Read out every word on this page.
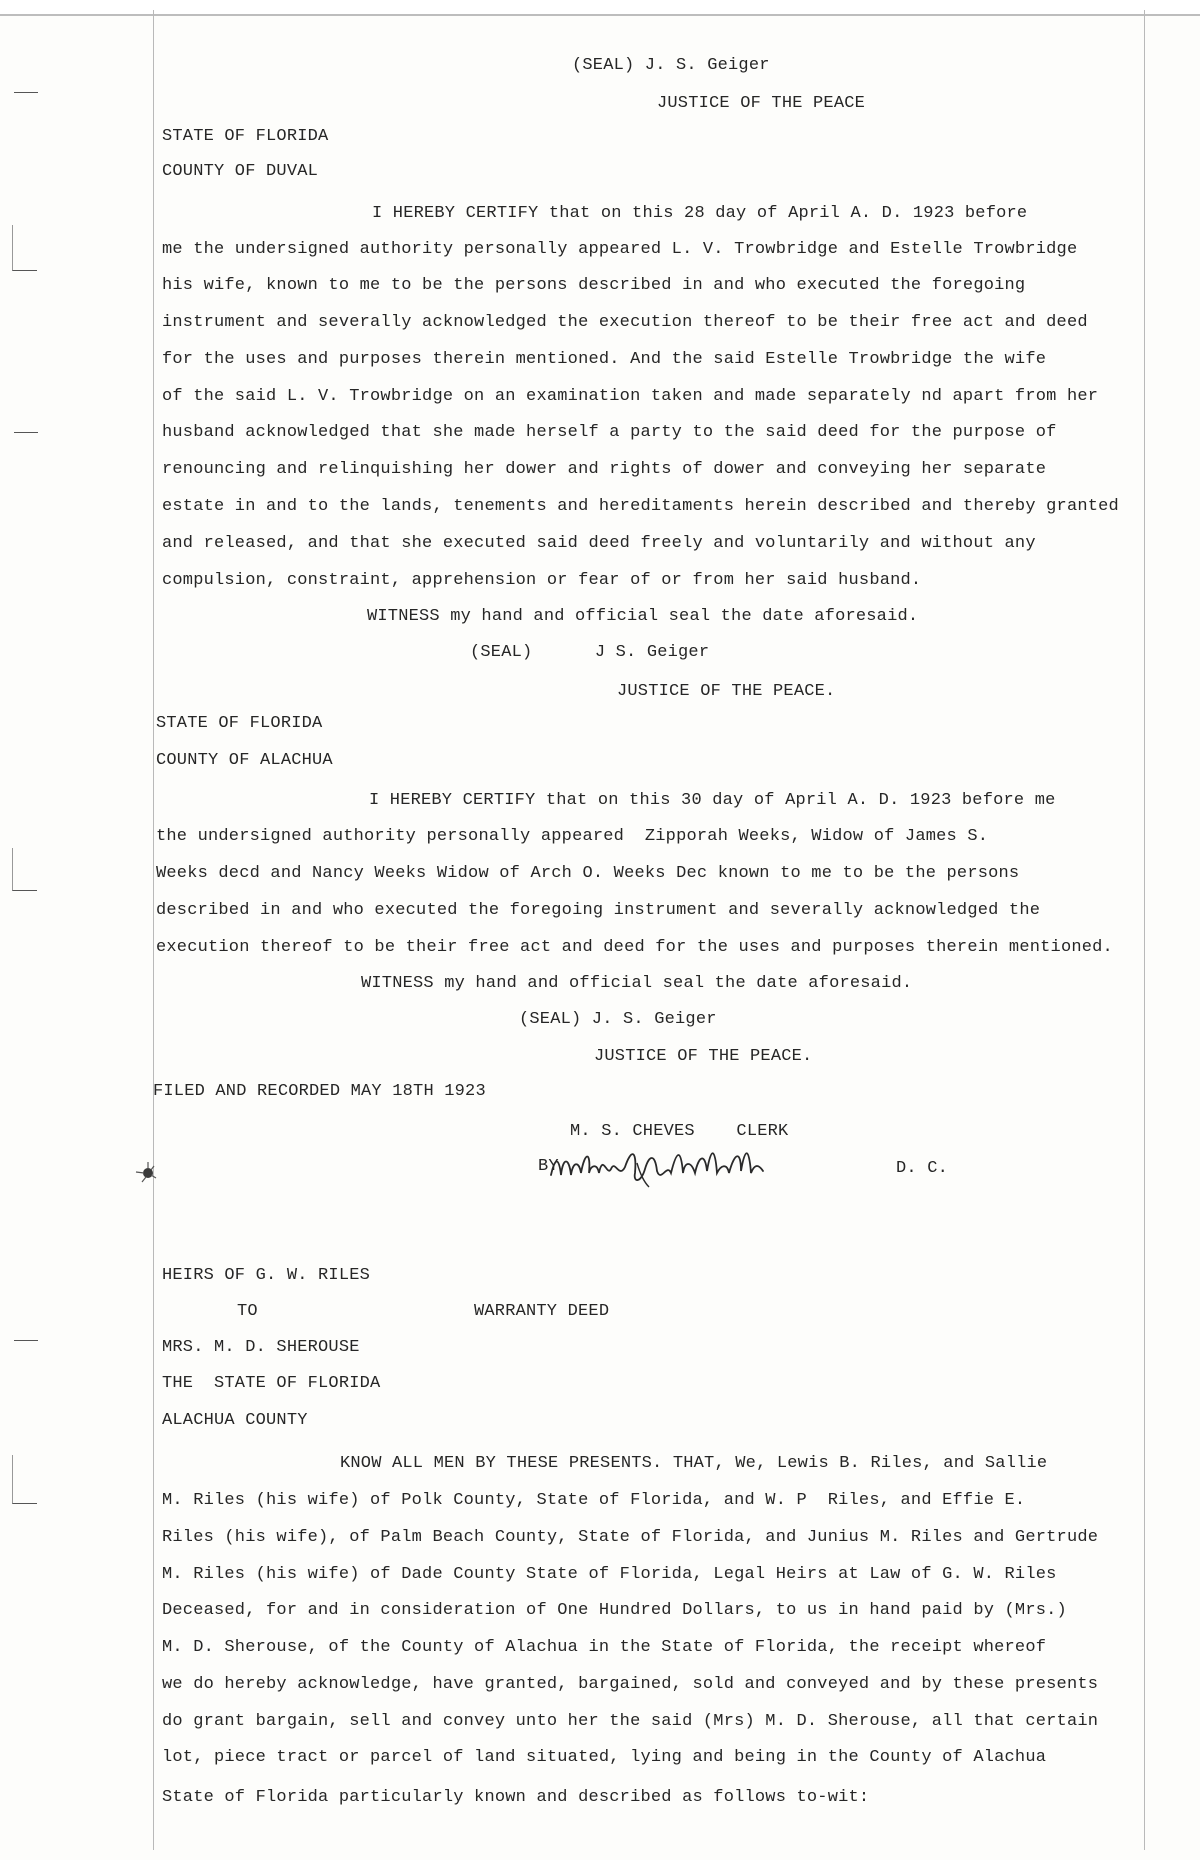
(SEAL) J. S. Geiger
JUSTICE OF THE PEACE
STATE OF FLORIDA
COUNTY OF DUVAL
I HEREBY CERTIFY that on this 28 day of April A. D. 1923 before
me the undersigned authority personally appeared L. V. Trowbridge and Estelle Trowbridge
his wife, known to me to be the persons described in and who executed the foregoing
instrument and severally acknowledged the execution thereof to be their free act and deed
for the uses and purposes therein mentioned. And the said Estelle Trowbridge the wife
of the said L. V. Trowbridge on an examination taken and made separately nd apart from her
husband acknowledged that she made herself a party to the said deed for the purpose of
renouncing and relinquishing her dower and rights of dower and conveying her separate
estate in and to the lands, tenements and hereditaments herein described and thereby granted
and released, and that she executed said deed freely and voluntarily and without any
compulsion, constraint, apprehension or fear of or from her said husband.
WITNESS my hand and official seal the date aforesaid.
(SEAL)      J S. Geiger
JUSTICE OF THE PEACE.
STATE OF FLORIDA
COUNTY OF ALACHUA
I HEREBY CERTIFY that on this 30 day of April A. D. 1923 before me
the undersigned authority personally appeared  Zipporah Weeks, Widow of James S.
Weeks decd and Nancy Weeks Widow of Arch O. Weeks Dec known to me to be the persons
described in and who executed the foregoing instrument and severally acknowledged the
execution thereof to be their free act and deed for the uses and purposes therein mentioned.
WITNESS my hand and official seal the date aforesaid.
(SEAL) J. S. Geiger
JUSTICE OF THE PEACE.
FILED AND RECORDED MAY 18TH 1923
M. S. CHEVES    CLERK
BY	D. C.
HEIRS OF G. W. RILES
TO	WARRANTY DEED
MRS. M. D. SHEROUSE
THE  STATE OF FLORIDA
ALACHUA COUNTY
KNOW ALL MEN BY THESE PRESENTS. THAT, We, Lewis B. Riles, and Sallie
M. Riles (his wife) of Polk County, State of Florida, and W. P  Riles, and Effie E.
Riles (his wife), of Palm Beach County, State of Florida, and Junius M. Riles and Gertrude
M. Riles (his wife) of Dade County State of Florida, Legal Heirs at Law of G. W. Riles
Deceased, for and in consideration of One Hundred Dollars, to us in hand paid by (Mrs.)
M. D. Sherouse, of the County of Alachua in the State of Florida, the receipt whereof
we do hereby acknowledge, have granted, bargained, sold and conveyed and by these presents
do grant bargain, sell and convey unto her the said (Mrs) M. D. Sherouse, all that certain
lot, piece tract or parcel of land situated, lying and being in the County of Alachua
State of Florida particularly known and described as follows to-wit:
